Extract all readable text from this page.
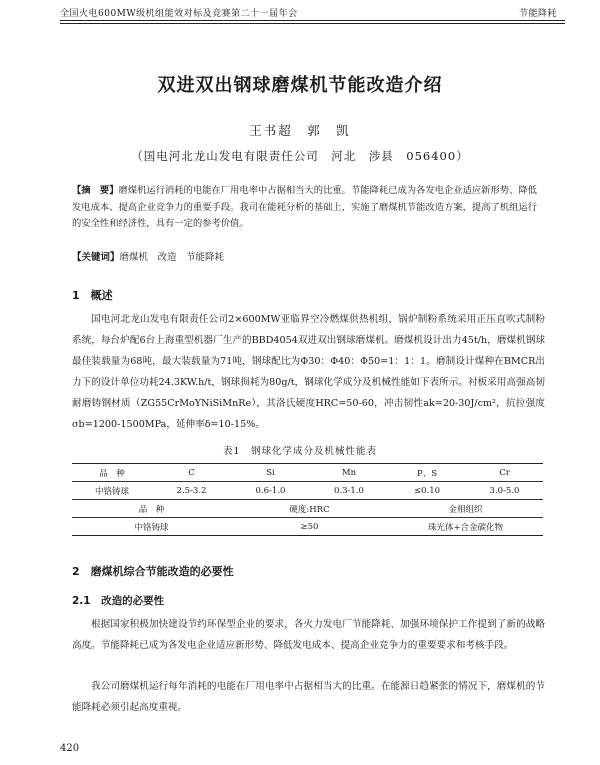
全国火电600MW级机组能效对标及竞赛第二十一届年会	节能降耗
双进双出钢球磨煤机节能改造介绍
王书超　郭　凯
（国电河北龙山发电有限责任公司　河北　涉县　056400）
【摘　要】磨煤机运行消耗的电能在厂用电率中占据相当大的比重。节能降耗已成为各发电企业适应新形势、降低发电成本、提高企业竞争力的重要手段。我司在能耗分析的基础上，实施了磨煤机节能改造方案，提高了机组运行的安全性和经济性，具有一定的参考价值。
【关键词】磨煤机　改造　节能降耗
1　概述
国电河北龙山发电有限责任公司2×600MW亚临界空冷燃煤供热机组，锅炉制粉系统采用正压直吹式制粉系统，每台炉配6台上海重型机器厂生产的BBD4054双进双出钢球磨煤机。磨煤机设计出力45t/h，磨煤机钢球最佳装载量为68吨，最大装载量为71吨，钢球配比为Φ30：Φ40：Φ50=1：1：1。磨制设计煤种在BMCR出力下的设计单位功耗24.3KW.h/t，钢球损耗为80g/t，钢球化学成分及机械性能如下表所示。衬板采用高强高韧耐磨铸钢材质（ZG55CrMoYNiSiMnRe），其洛氏硬度HRC=50-60，冲击韧性ak=20-30J/cm²，抗拉强度σb=1200-1500MPa，延伸率δ=10-15%。
表1　钢球化学成分及机械性能表
品　种	C	Si	Mn	P、S	Cr
中铬铸球	2.5-3.2	0.6-1.0	0.3-1.0	≤0.10	3.0-5.0
品　种		硬度:HRC		金相组织	
中铬铸球		≥50		珠光体+合金碳化物	
2　磨煤机综合节能改造的必要性
2.1　改造的必要性
根据国家积极加快建设节约环保型企业的要求，各火力发电厂节能降耗、加强环境保护工作提到了新的战略高度。节能降耗已成为各发电企业适应新形势、降低发电成本、提高企业竞争力的重要要求和考核手段。
我公司磨煤机运行每年消耗的电能在厂用电率中占据相当大的比重。在能源日趋紧张的情况下，磨煤机的节能降耗必须引起高度重视。
420
